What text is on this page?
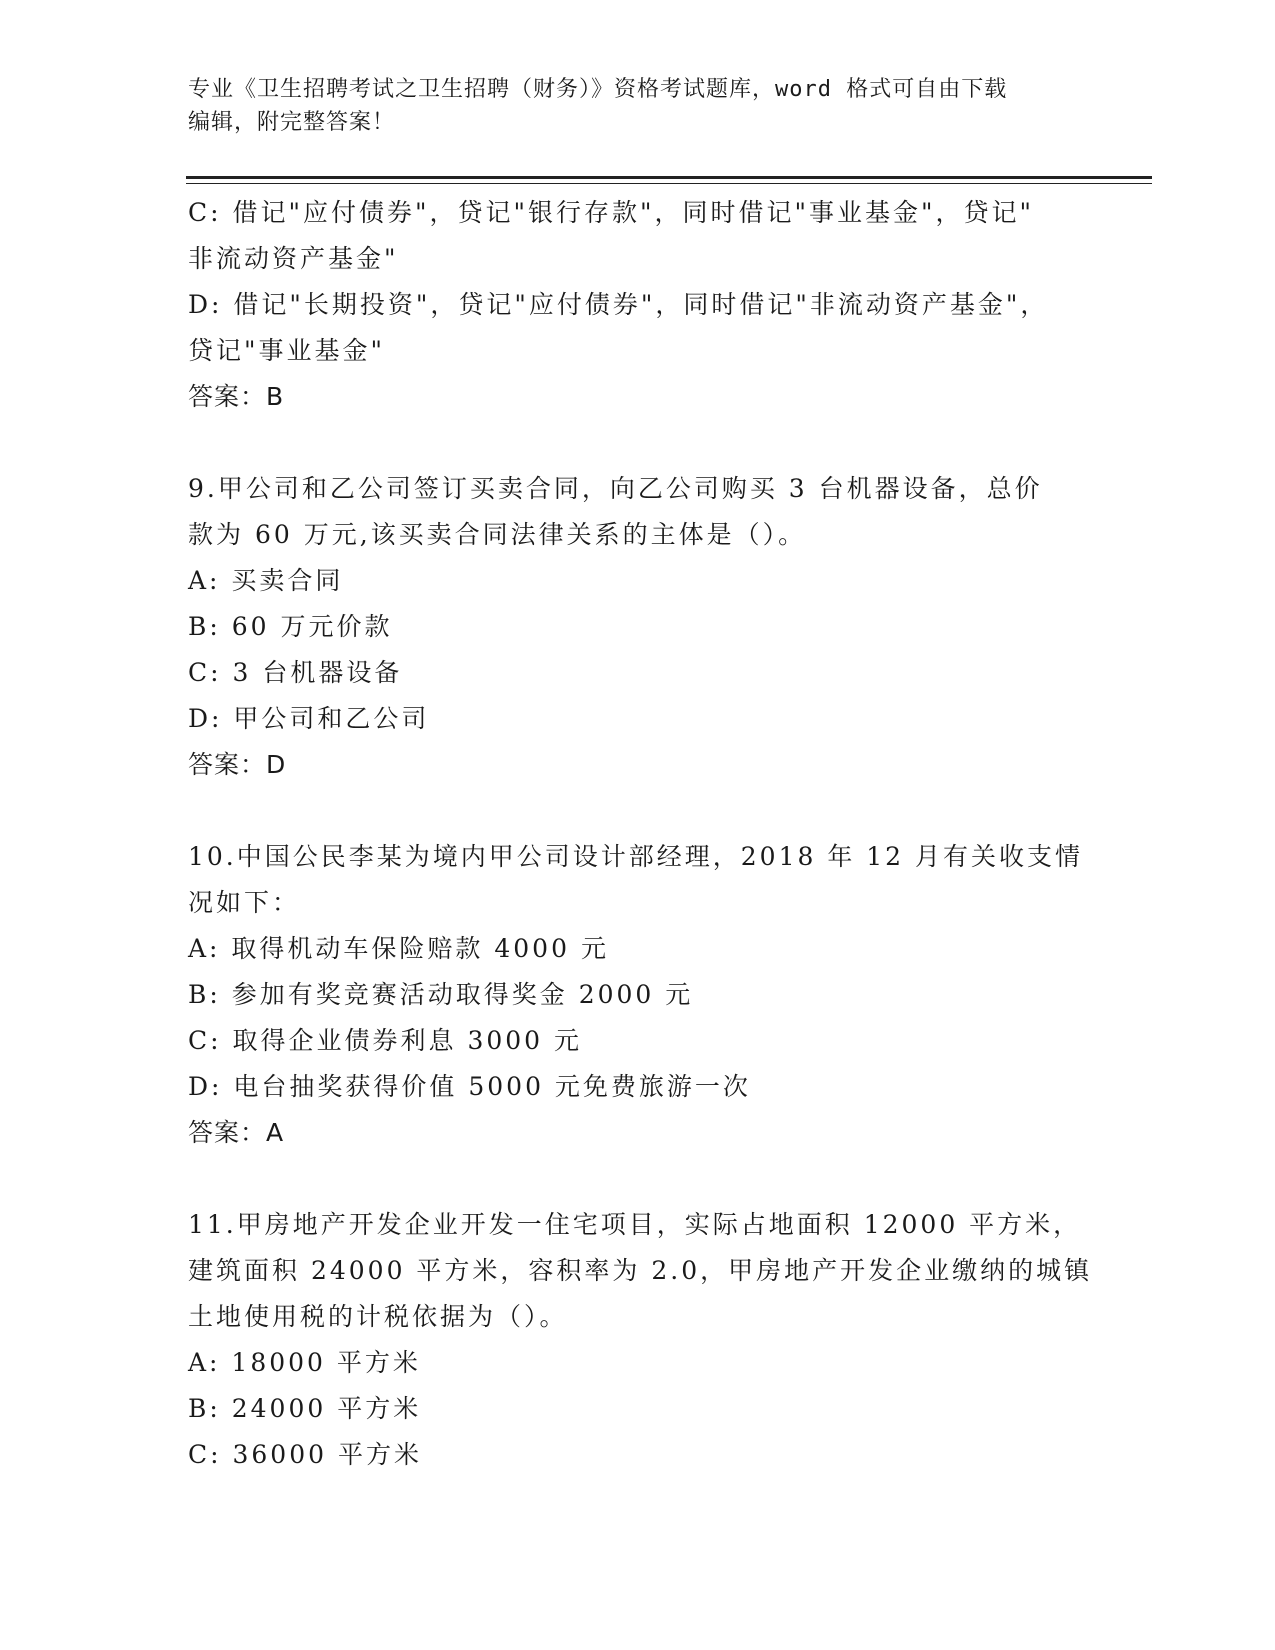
专业《卫生招聘考试之卫生招聘（财务）》资格考试题库，word 格式可自由下载
编辑，附完整答案！
C: 借记"应付债券"，贷记"银行存款"，同时借记"事业基金"，贷记"
非流动资产基金"
D: 借记"长期投资"，贷记"应付债券"，同时借记"非流动资产基金"，
贷记"事业基金"
答案：B
9.甲公司和乙公司签订买卖合同，向乙公司购买 3 台机器设备，总价
款为 60 万元,该买卖合同法律关系的主体是（）。
A: 买卖合同
B: 60 万元价款
C: 3 台机器设备
D: 甲公司和乙公司
答案：D
10.中国公民李某为境内甲公司设计部经理，2018 年 12 月有关收支情
况如下：
A: 取得机动车保险赔款 4000 元
B: 参加有奖竞赛活动取得奖金 2000 元
C: 取得企业债券利息 3000 元
D: 电台抽奖获得价值 5000 元免费旅游一次
答案：A
11.甲房地产开发企业开发一住宅项目，实际占地面积 12000 平方米，
建筑面积 24000 平方米，容积率为 2.0，甲房地产开发企业缴纳的城镇
土地使用税的计税依据为（）。
A: 18000 平方米
B: 24000 平方米
C: 36000 平方米
